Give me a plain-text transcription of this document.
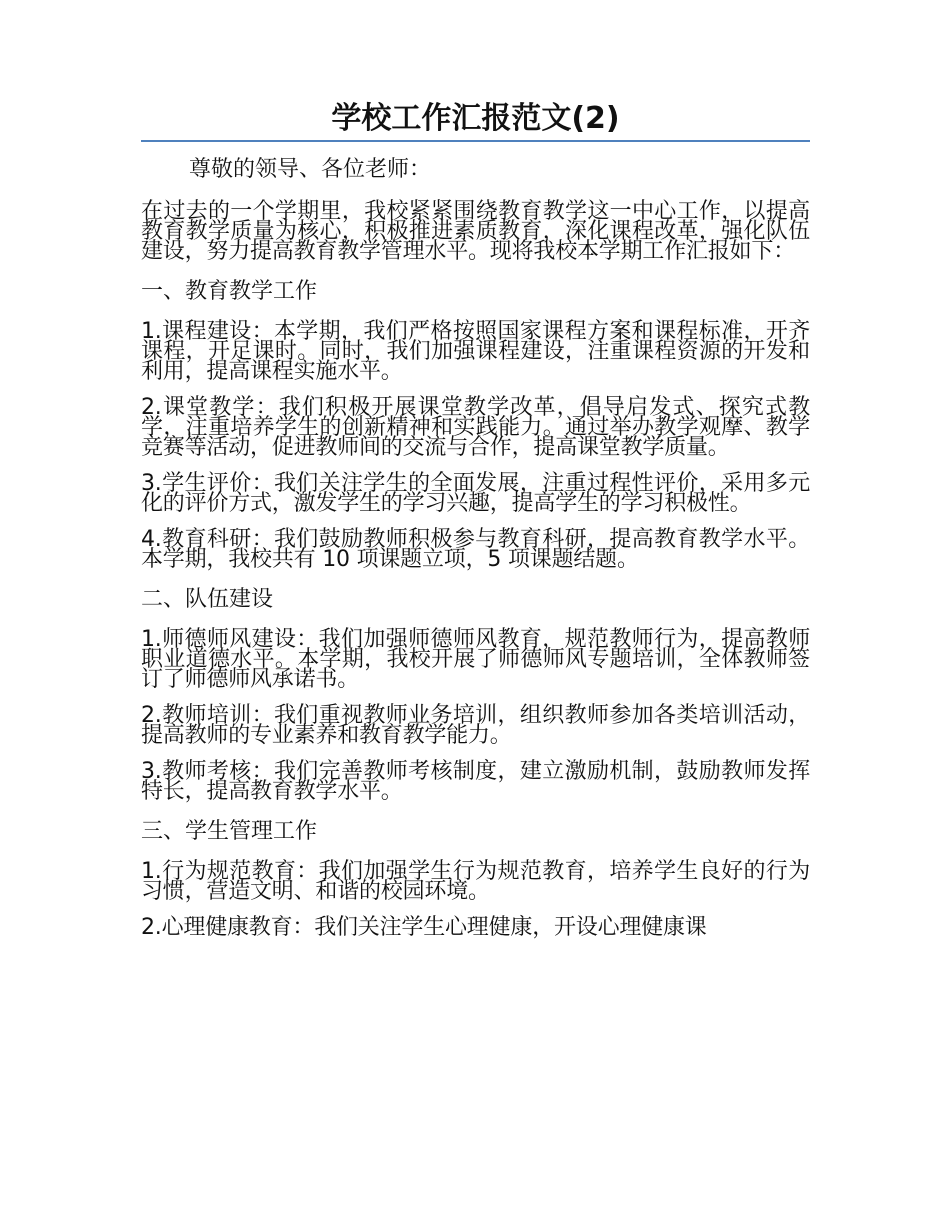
学校工作汇报范文(2)

尊敬的领导、各位老师：

在过去的一个学期里，我校紧紧围绕教育教学这一中心工作，以提高教育教学质量为核心，积极推进素质教育，深化课程改革，强化队伍建设，努力提高教育教学管理水平。现将我校本学期工作汇报如下：

一、教育教学工作

1.课程建设：本学期，我们严格按照国家课程方案和课程标准，开齐课程，开足课时。同时，我们加强课程建设，注重课程资源的开发和利用，提高课程实施水平。

2.课堂教学：我们积极开展课堂教学改革，倡导启发式、探究式教学，注重培养学生的创新精神和实践能力。通过举办教学观摩、教学竞赛等活动，促进教师间的交流与合作，提高课堂教学质量。

3.学生评价：我们关注学生的全面发展，注重过程性评价，采用多元化的评价方式，激发学生的学习兴趣，提高学生的学习积极性。

4.教育科研：我们鼓励教师积极参与教育科研，提高教育教学水平。本学期，我校共有 10 项课题立项，5 项课题结题。

二、队伍建设

1.师德师风建设：我们加强师德师风教育，规范教师行为，提高教师职业道德水平。本学期，我校开展了师德师风专题培训，全体教师签订了师德师风承诺书。

2.教师培训：我们重视教师业务培训，组织教师参加各类培训活动，提高教师的专业素养和教育教学能力。

3.教师考核：我们完善教师考核制度，建立激励机制，鼓励教师发挥特长，提高教育教学水平。

三、学生管理工作

1.行为规范教育：我们加强学生行为规范教育，培养学生良好的行为习惯，营造文明、和谐的校园环境。

2.心理健康教育：我们关注学生心理健康，开设心理健康课
